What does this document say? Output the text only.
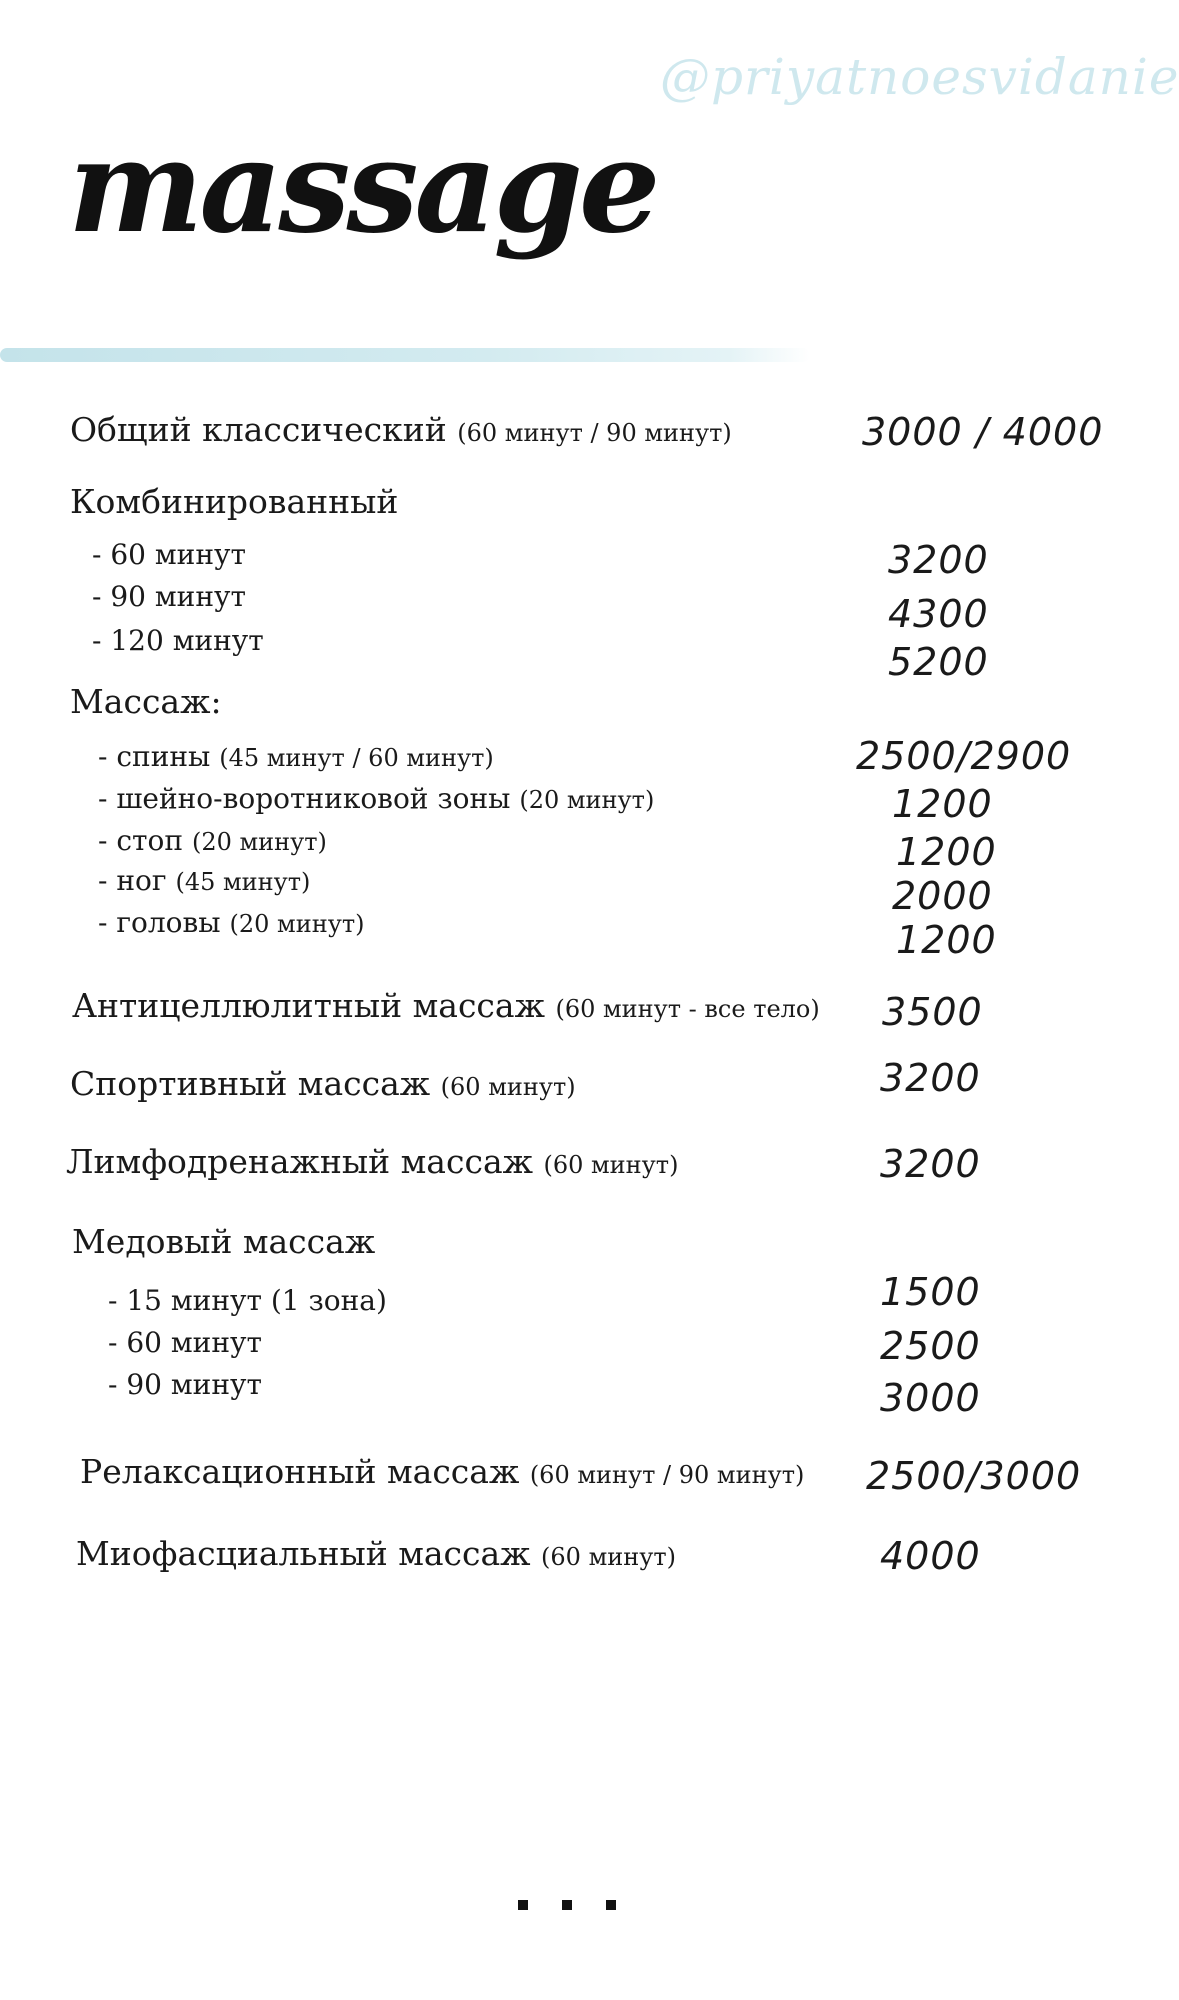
@priyatnoesvidanie
massage
Общий классический (60 минут / 90 минут)	3000 / 4000
Комбинированный
- 60 минут	3200
- 90 минут	4300
- 120 минут	5200
Массаж:
- спины (45 минут / 60 минут)	2500/2900
- шейно-воротниковой зоны (20 минут)	1200
- стоп (20 минут)	1200
- ног (45 минут)	2000
- головы (20 минут)	1200
Антицеллюлитный массаж (60 минут - все тело) 3500
Спортивный массаж (60 минут)	3200
Лимфодренажный массаж (60 минут)	3200
Медовый массаж
- 15 минут (1 зона)	1500
- 60 минут	2500
- 90 минут	3000
Релаксационный массаж (60 минут / 90 минут) 2500/3000
Миофасциальный массаж (60 минут)	4000
